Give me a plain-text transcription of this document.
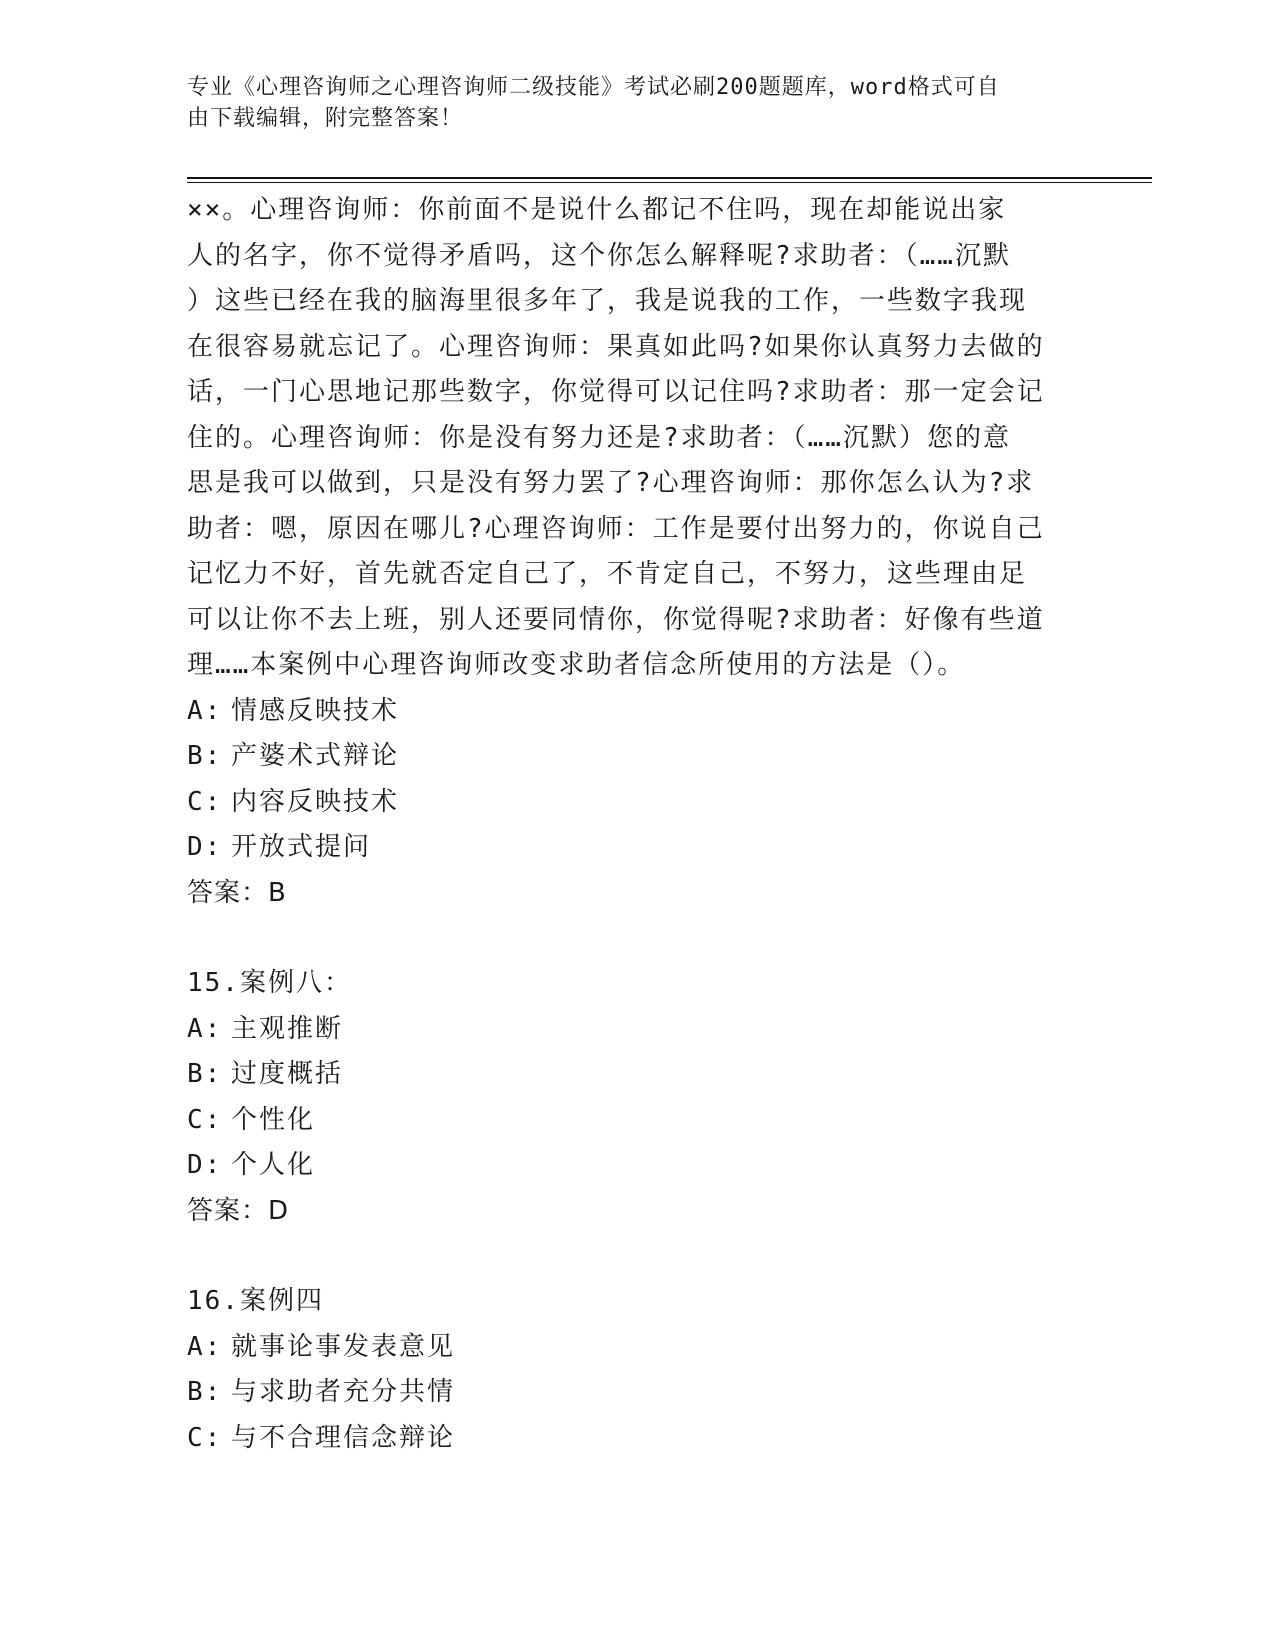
专业《心理咨询师之心理咨询师二级技能》考试必刷200题题库，word格式可自
由下载编辑，附完整答案！
××。心理咨询师：你前面不是说什么都记不住吗，现在却能说出家
人的名字，你不觉得矛盾吗，这个你怎么解释呢?求助者：（……沉默
）这些已经在我的脑海里很多年了，我是说我的工作，一些数字我现
在很容易就忘记了。心理咨询师：果真如此吗?如果你认真努力去做的
话，一门心思地记那些数字，你觉得可以记住吗?求助者：那一定会记
住的。心理咨询师：你是没有努力还是?求助者：（……沉默）您的意
思是我可以做到，只是没有努力罢了?心理咨询师：那你怎么认为?求
助者：嗯，原因在哪儿?心理咨询师：工作是要付出努力的，你说自己
记忆力不好，首先就否定自己了，不肯定自己，不努力，这些理由足
可以让你不去上班，别人还要同情你，你觉得呢?求助者：好像有些道
理……本案例中心理咨询师改变求助者信念所使用的方法是（）。
A: 情感反映技术
B: 产婆术式辩论
C: 内容反映技术
D: 开放式提问
答案：B
15.案例八：
A: 主观推断
B: 过度概括
C: 个性化
D: 个人化
答案：D
16.案例四
A: 就事论事发表意见
B: 与求助者充分共情
C: 与不合理信念辩论
